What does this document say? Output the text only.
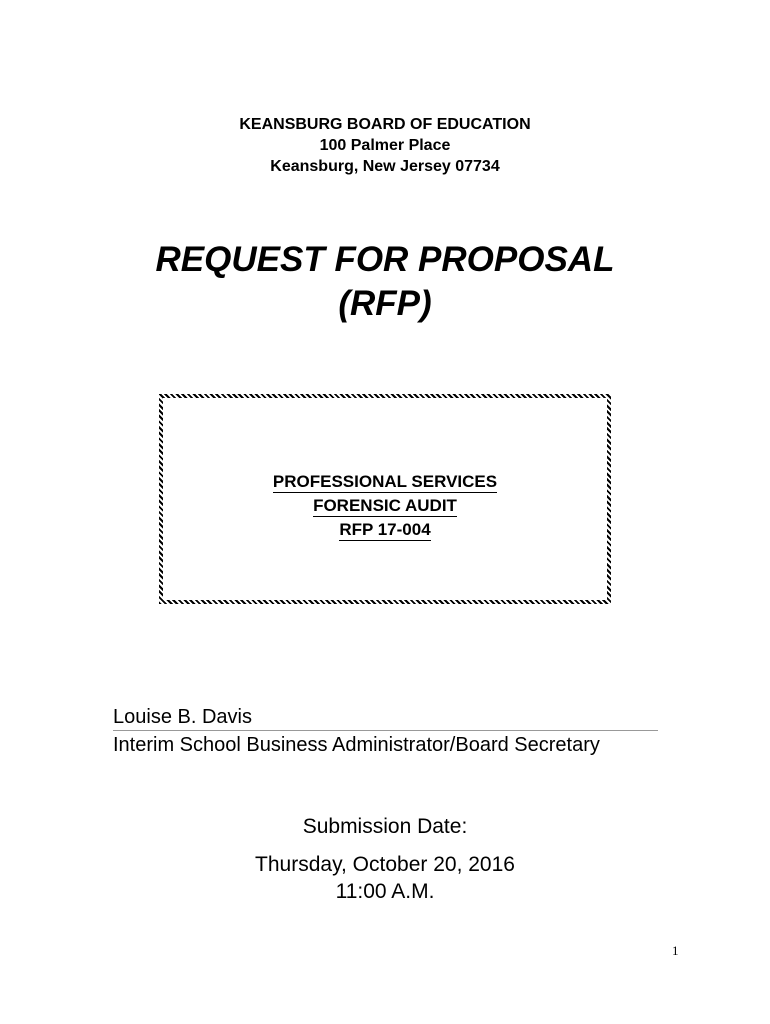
KEANSBURG BOARD OF EDUCATION
100 Palmer Place
Keansburg, New Jersey 07734
REQUEST FOR PROPOSAL
(RFP)
PROFESSIONAL SERVICES
FORENSIC AUDIT
RFP 17-004
Louise B. Davis
Interim School Business Administrator/Board Secretary
Submission Date:
Thursday, October 20, 2016
11:00 A.M.
1
